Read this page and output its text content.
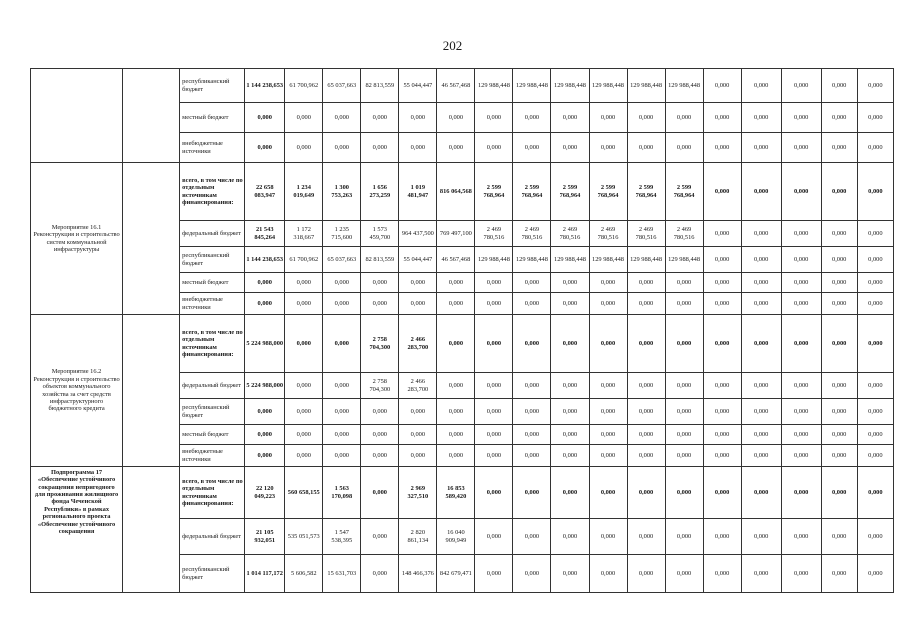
202
		республиканский бюджет	1 144 238,653	61 700,962	65 037,663	82 813,559	55 044,447	46 567,468	129 988,448	129 988,448	129 988,448	129 988,448	129 988,448	129 988,448	0,000	0,000	0,000	0,000	0,000
		местный бюджет	0,000	0,000	0,000	0,000	0,000	0,000	0,000	0,000	0,000	0,000	0,000	0,000	0,000	0,000	0,000	0,000	0,000
		внебюджетные источники	0,000	0,000	0,000	0,000	0,000	0,000	0,000	0,000	0,000	0,000	0,000	0,000	0,000	0,000	0,000	0,000	0,000
Мероприятие 16.1 Реконструкция и строительство систем коммунальной инфраструктуры		всего, в том числе по отдельным источникам финансирования:	22 658 083,947	1 234 019,649	1 300 753,263	1 656 273,259	1 019 481,947	816 064,568	2 599 768,964	2 599 768,964	2 599 768,964	2 599 768,964	2 599 768,964	2 599 768,964	0,000	0,000	0,000	0,000	0,000
		федеральный бюджет	21 543 845,264	1 172 318,667	1 235 715,600	1 573 459,700	964 437,500	769 497,100	2 469 780,516	2 469 780,516	2 469 780,516	2 469 780,516	2 469 780,516	2 469 780,516	0,000	0,000	0,000	0,000	0,000
		республиканский бюджет	1 144 238,653	61 700,962	65 037,663	82 813,559	55 044,447	46 567,468	129 988,448	129 988,448	129 988,448	129 988,448	129 988,448	129 988,448	0,000	0,000	0,000	0,000	0,000
		местный бюджет	0,000	0,000	0,000	0,000	0,000	0,000	0,000	0,000	0,000	0,000	0,000	0,000	0,000	0,000	0,000	0,000	0,000
		внебюджетные источники	0,000	0,000	0,000	0,000	0,000	0,000	0,000	0,000	0,000	0,000	0,000	0,000	0,000	0,000	0,000	0,000	0,000
Мероприятие 16.2 Реконструкция и строительство объектов коммунального хозяйства за счет средств инфраструктурного бюджетного кредита		всего, в том числе по отдельным источникам финансирования:	5 224 988,000	0,000	0,000	2 758 704,300	2 466 283,700	0,000	0,000	0,000	0,000	0,000	0,000	0,000	0,000	0,000	0,000	0,000	0,000
		федеральный бюджет	5 224 988,000	0,000	0,000	2 758 704,300	2 466 283,700	0,000	0,000	0,000	0,000	0,000	0,000	0,000	0,000	0,000	0,000	0,000	0,000
		республиканский бюджет	0,000	0,000	0,000	0,000	0,000	0,000	0,000	0,000	0,000	0,000	0,000	0,000	0,000	0,000	0,000	0,000	0,000
		местный бюджет	0,000	0,000	0,000	0,000	0,000	0,000	0,000	0,000	0,000	0,000	0,000	0,000	0,000	0,000	0,000	0,000	0,000
		внебюджетные источники	0,000	0,000	0,000	0,000	0,000	0,000	0,000	0,000	0,000	0,000	0,000	0,000	0,000	0,000	0,000	0,000	0,000
Подпрограмма 17 «Обеспечение устойчивого сокращения непригодного для проживания жилищного фонда Чеченской Республики» в рамках регионального проекта «Обеспечение устойчивого сокращения		всего, в том числе по отдельным источникам финансирования:	22 120 049,223	560 658,155	1 563 170,098	0,000	2 969 327,510	16 853 589,420	0,000	0,000	0,000	0,000	0,000	0,000	0,000	0,000	0,000	0,000	0,000
		федеральный бюджет	21 105 932,051	535 051,573	1 547 538,395	0,000	2 820 861,134	16 040 909,949	0,000	0,000	0,000	0,000	0,000	0,000	0,000	0,000	0,000	0,000	0,000
		республиканский бюджет	1 014 117,172	5 606,582	15 631,703	0,000	148 466,376	842 679,471	0,000	0,000	0,000	0,000	0,000	0,000	0,000	0,000	0,000	0,000	0,000
